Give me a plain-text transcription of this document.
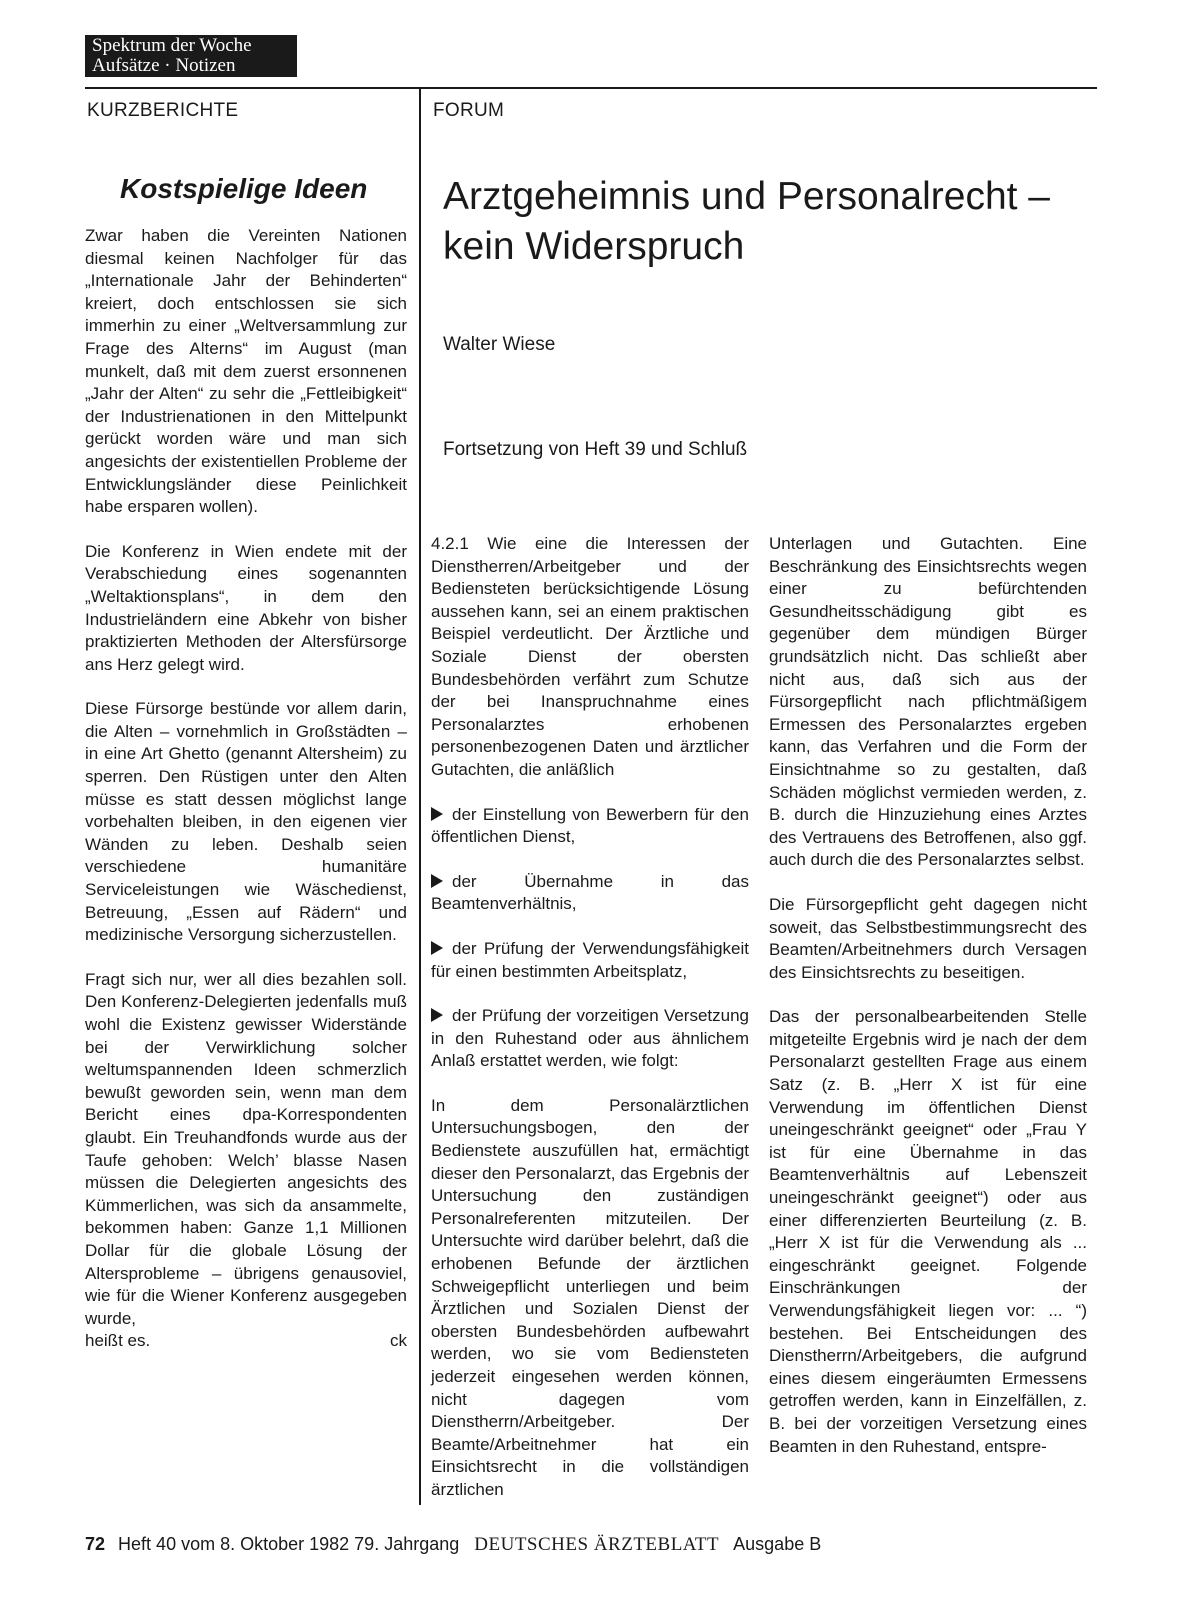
Spektrum der Woche
Aufsätze · Notizen
KURZBERICHTE	FORUM
Kostspielige Ideen

Zwar haben die Vereinten Nationen diesmal keinen Nachfolger für das „Internationale Jahr der Behinderten“ kreiert, doch entschlossen sie sich immerhin zu einer „Weltversammlung zur Frage des Alterns“ im August (man munkelt, daß mit dem zuerst ersonnenen „Jahr der Alten“ zu sehr die „Fettleibigkeit“ der Industrienationen in den Mittelpunkt gerückt worden wäre und man sich angesichts der existentiellen Probleme der Entwicklungsländer diese Peinlichkeit habe ersparen wollen).

Die Konferenz in Wien endete mit der Verabschiedung eines sogenannten „Weltaktionsplans“, in dem den Industrieländern eine Abkehr von bisher praktizierten Methoden der Altersfürsorge ans Herz gelegt wird.

Diese Fürsorge bestünde vor allem darin, die Alten – vornehmlich in Großstädten – in eine Art Ghetto (genannt Altersheim) zu sperren. Den Rüstigen unter den Alten müsse es statt dessen möglichst lange vorbehalten bleiben, in den eigenen vier Wänden zu leben. Deshalb seien verschiedene humanitäre Serviceleistungen wie Wäschedienst, Betreuung, „Essen auf Rädern“ und medizinische Versorgung sicherzustellen.

Fragt sich nur, wer all dies bezahlen soll. Den Konferenz-Delegierten jedenfalls muß wohl die Existenz gewisser Widerstände bei der Verwirklichung solcher weltumspannenden Ideen schmerzlich bewußt geworden sein, wenn man dem Bericht eines dpa-Korrespondenten glaubt. Ein Treuhandfonds wurde aus der Taufe gehoben: Welch’ blasse Nasen müssen die Delegierten angesichts des Kümmerlichen, was sich da ansammelte, bekommen haben: Ganze 1,1 Millionen Dollar für die globale Lösung der Altersprobleme – übrigens genausoviel, wie für die Wiener Konferenz ausgegeben wurde,
heißt es.	ck
Arztgeheimnis und Personalrecht – kein Widerspruch
Walter Wiese
Fortsetzung von Heft 39 und Schluß

4.2.1 Wie eine die Interessen der Dienstherren/Arbeitgeber und der Bediensteten berücksichtigende Lösung aussehen kann, sei an einem praktischen Beispiel verdeutlicht. Der Ärztliche und Soziale Dienst der obersten Bundesbehörden verfährt zum Schutze der bei Inanspruchnahme eines Personalarztes erhobenen personenbezogenen Daten und ärztlicher Gutachten, die anläßlich

der Einstellung von Bewerbern für den öffentlichen Dienst,

der Übernahme in das Beamtenverhältnis,

der Prüfung der Verwendungsfähigkeit für einen bestimmten Arbeitsplatz,

der Prüfung der vorzeitigen Versetzung in den Ruhestand oder aus ähnlichem Anlaß erstattet werden, wie folgt:

In dem Personalärztlichen Untersuchungsbogen, den der Bedienstete auszufüllen hat, ermächtigt dieser den Personalarzt, das Ergebnis der Untersuchung den zuständigen Personalreferenten mitzuteilen. Der Untersuchte wird darüber belehrt, daß die erhobenen Befunde der ärztlichen Schweigepflicht unterliegen und beim Ärztlichen und Sozialen Dienst der obersten Bundesbehörden aufbewahrt werden, wo sie vom Bediensteten jederzeit eingesehen werden können, nicht dagegen vom Dienstherrn/Arbeitgeber. Der Beamte/Arbeitnehmer hat ein Einsichtsrecht in die vollständigen ärztlichen

Unterlagen und Gutachten. Eine Beschränkung des Einsichtsrechts wegen einer zu befürchtenden Gesundheitsschädigung gibt es gegenüber dem mündigen Bürger grundsätzlich nicht. Das schließt aber nicht aus, daß sich aus der Fürsorgepflicht nach pflichtmäßigem Ermessen des Personalarztes ergeben kann, das Verfahren und die Form der Einsichtnahme so zu gestalten, daß Schäden möglichst vermieden werden, z. B. durch die Hinzuziehung eines Arztes des Vertrauens des Betroffenen, also ggf. auch durch die des Personalarztes selbst.

Die Fürsorgepflicht geht dagegen nicht soweit, das Selbstbestimmungsrecht des Beamten/Arbeitnehmers durch Versagen des Einsichtsrechts zu beseitigen.

Das der personalbearbeitenden Stelle mitgeteilte Ergebnis wird je nach der dem Personalarzt gestellten Frage aus einem Satz (z. B. „Herr X ist für eine Verwendung im öffentlichen Dienst uneingeschränkt geeignet“ oder „Frau Y ist für eine Übernahme in das Beamtenverhältnis auf Lebenszeit uneingeschränkt geeignet“) oder aus einer differenzierten Beurteilung (z. B. „Herr X ist für die Verwendung als ... eingeschränkt geeignet. Folgende Einschränkungen der Verwendungsfähigkeit liegen vor: ... “) bestehen. Bei Entscheidungen des Dienstherrn/Arbeitgebers, die aufgrund eines diesem eingeräumten Ermessens getroffen werden, kann in Einzelfällen, z. B. bei der vorzeitigen Versetzung eines Beamten in den Ruhestand, entspre-

72 Heft 40 vom 8. Oktober 1982 79. Jahrgang DEUTSCHES ÄRZTEBLATT Ausgabe B
